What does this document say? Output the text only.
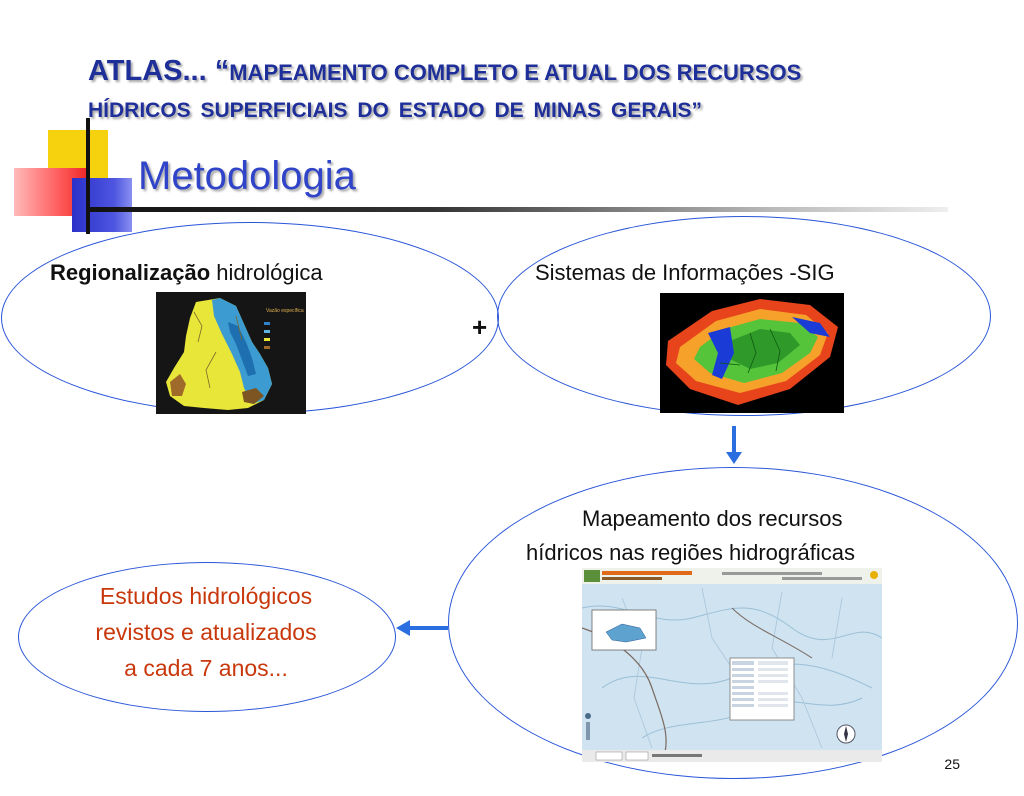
ATLAS... “MAPEAMENTO COMPLETO E ATUAL DOS RECURSOS
HÍDRICOS SUPERFICIAIS DO ESTADO DE MINAS GERAIS”
Metodologia
Regionalização hidrológica
Vazão específica
+
Sistemas de Informações -SIG
Mapeamento dos recursos
hídricos nas regiões hidrográficas
Estudos hidrológicos
revistos e atualizados
a cada 7 anos...
25
